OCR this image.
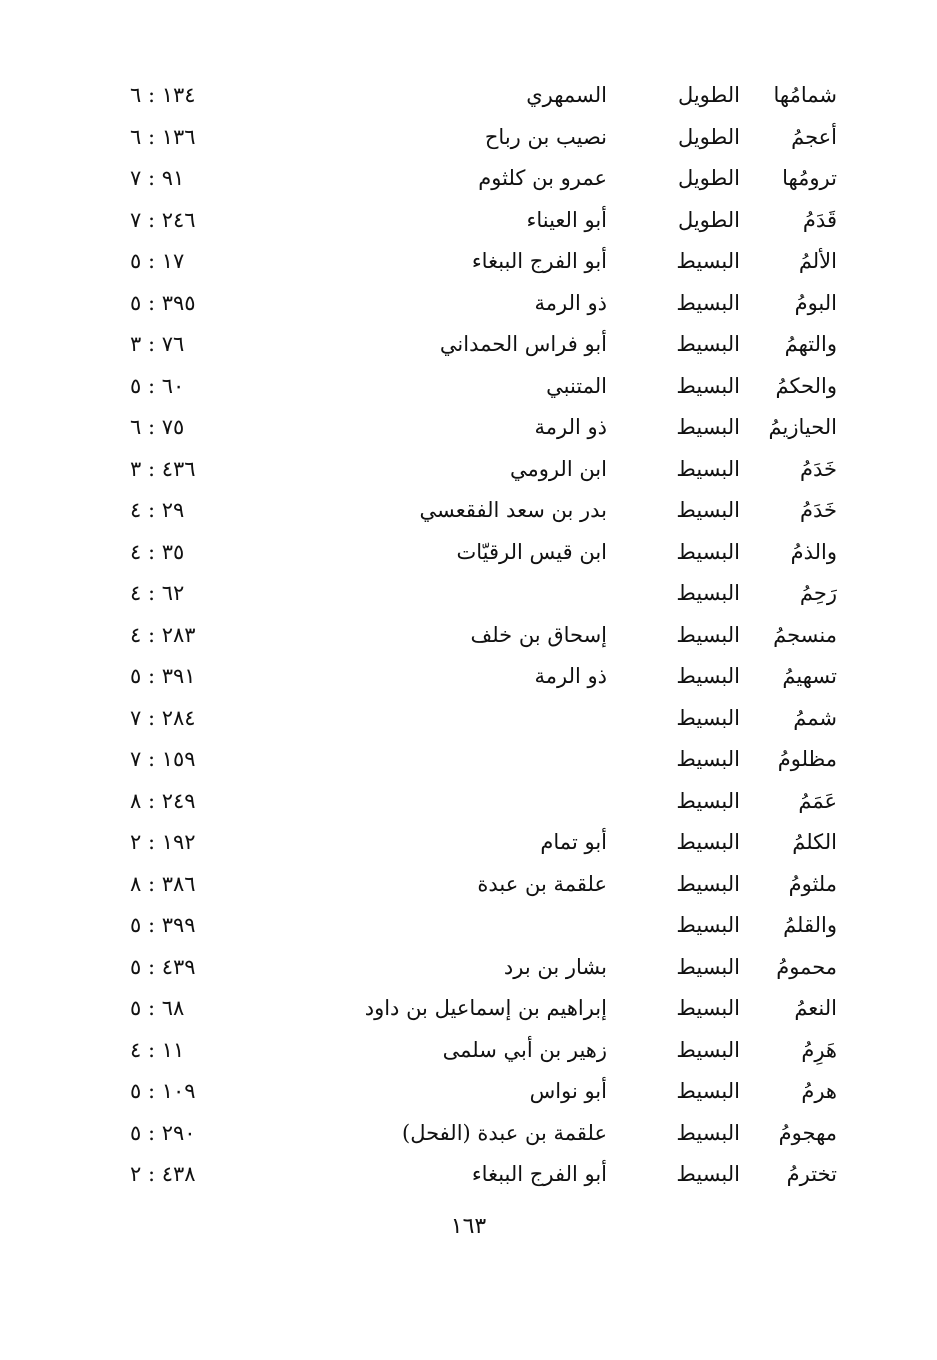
شمامُها
الطويل
السمهري
١٣٤ : ٦
أعجمُ
الطويل
نصيب بن رباح
١٣٦ : ٦
ترومُها
الطويل
عمرو بن كلثوم
٩١ : ٧
قَدَمُ
الطويل
أبو العيناء
٢٤٦ : ٧
الألمُ
البسيط
أبو الفرج الببغاء
١٧ : ٥
البومُ
البسيط
ذو الرمة
٣٩٥ : ٥
والتهمُ
البسيط
أبو فراس الحمداني
٧٦ : ٣
والحكمُ
البسيط
المتنبي
٦٠ : ٥
الحيازيمُ
البسيط
ذو الرمة
٧٥ : ٦
خَدَمُ
البسيط
ابن الرومي
٤٣٦ : ٣
خَدَمُ
البسيط
بدر بن سعد الفقعسي
٢٩ : ٤
والذمُ
البسيط
ابن قيس الرقيّات
٣٥ : ٤
رَحِمُ
البسيط
٦٢ : ٤
منسجمُ
البسيط
إسحاق بن خلف
٢٨٣ : ٤
تسهيمُ
البسيط
ذو الرمة
٣٩١ : ٥
شممُ
البسيط
٢٨٤ : ٧
مظلومُ
البسيط
١٥٩ : ٧
عَمَمُ
البسيط
٢٤٩ : ٨
الكلمُ
البسيط
أبو تمام
١٩٢ : ٢
ملثومُ
البسيط
علقمة بن عبدة
٣٨٦ : ٨
والقلمُ
البسيط
٣٩٩ : ٥
محمومُ
البسيط
بشار بن برد
٤٣٩ : ٥
النعمُ
البسيط
إبراهيم بن إسماعيل بن داود
٦٨ : ٥
هَرِمُ
البسيط
زهير بن أبي سلمى
١١ : ٤
هرمُ
البسيط
أبو نواس
١٠٩ : ٥
مهجومُ
البسيط
علقمة بن عبدة (الفحل)
٢٩٠ : ٥
تخترمُ
البسيط
أبو الفرج الببغاء
٤٣٨ : ٢
١٦٣
